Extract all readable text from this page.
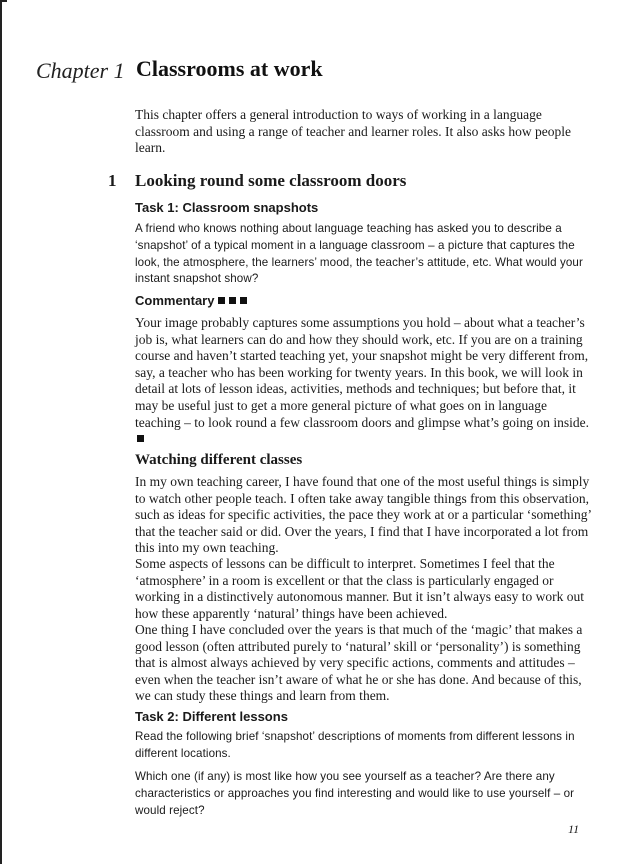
Chapter 1 Classrooms at work

This chapter offers a general introduction to ways of working in a language classroom and using a range of teacher and learner roles. It also asks how people learn.

1 Looking round some classroom doors
Task 1: Classroom snapshots

A friend who knows nothing about language teaching has asked you to describe a ‘snapshot’ of a typical moment in a language classroom – a picture that captures the look, the atmosphere, the learners’ mood, the teacher’s attitude, etc. What would your instant snapshot show?

Commentary

Your image probably captures some assumptions you hold – about what a teacher’s job is, what learners can do and how they should work, etc. If you are on a training course and haven’t started teaching yet, your snapshot might be very different from, say, a teacher who has been working for twenty years. In this book, we will look in detail at lots of lesson ideas, activities, methods and techniques; but before that, it may be useful just to get a more general picture of what goes on in language teaching – to look round a few classroom doors and glimpse what’s going on inside.

Watching different classes

In my own teaching career, I have found that one of the most useful things is simply to watch other people teach. I often take away tangible things from this observation, such as ideas for specific activities, the pace they work at or a particular ‘something’ that the teacher said or did. Over the years, I find that I have incorporated a lot from this into my own teaching.

Some aspects of lessons can be difficult to interpret. Sometimes I feel that the ‘atmosphere’ in a room is excellent or that the class is particularly engaged or working in a distinctively autonomous manner. But it isn’t always easy to work out how these apparently ‘natural’ things have been achieved.

One thing I have concluded over the years is that much of the ‘magic’ that makes a good lesson (often attributed purely to ‘natural’ skill or ‘personality’) is something that is almost always achieved by very specific actions, comments and attitudes – even when the teacher isn’t aware of what he or she has done. And because of this, we can study these things and learn from them.

Task 2: Different lessons

Read the following brief ‘snapshot’ descriptions of moments from different lessons in different locations.

Which one (if any) is most like how you see yourself as a teacher? Are there any characteristics or approaches you find interesting and would like to use yourself – or would reject?

11
